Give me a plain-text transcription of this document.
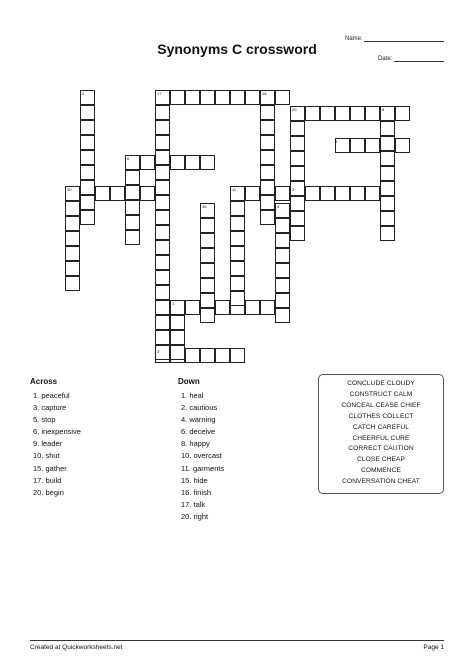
Name:
Date:
Synonyms C crossword
2	17	18
20	8
9
6
10	11	3
15	4
1
3
Across
1. peaceful
3. capture
5. stop
6. inexpensive
9. leader
10. shut
15. gather
17. build
20. begin
Down
1. heal
2. cautious
4. warning
6. deceive
8. happy
10. overcast
11. garments
15. hide
16. finish
17. talk
20. right
CONCLUDE CLOUDY
CONSTRUCT CALM
CONCEAL CEASE CHIEF
CLOTHES COLLECT
CATCH CAREFUL
CHEERFUL CURE
CORRECT CAUTION
CLOSE CHEAP
COMMENCE
CONVERSATION CHEAT
Created at Quickworksheets.net	Page 1
